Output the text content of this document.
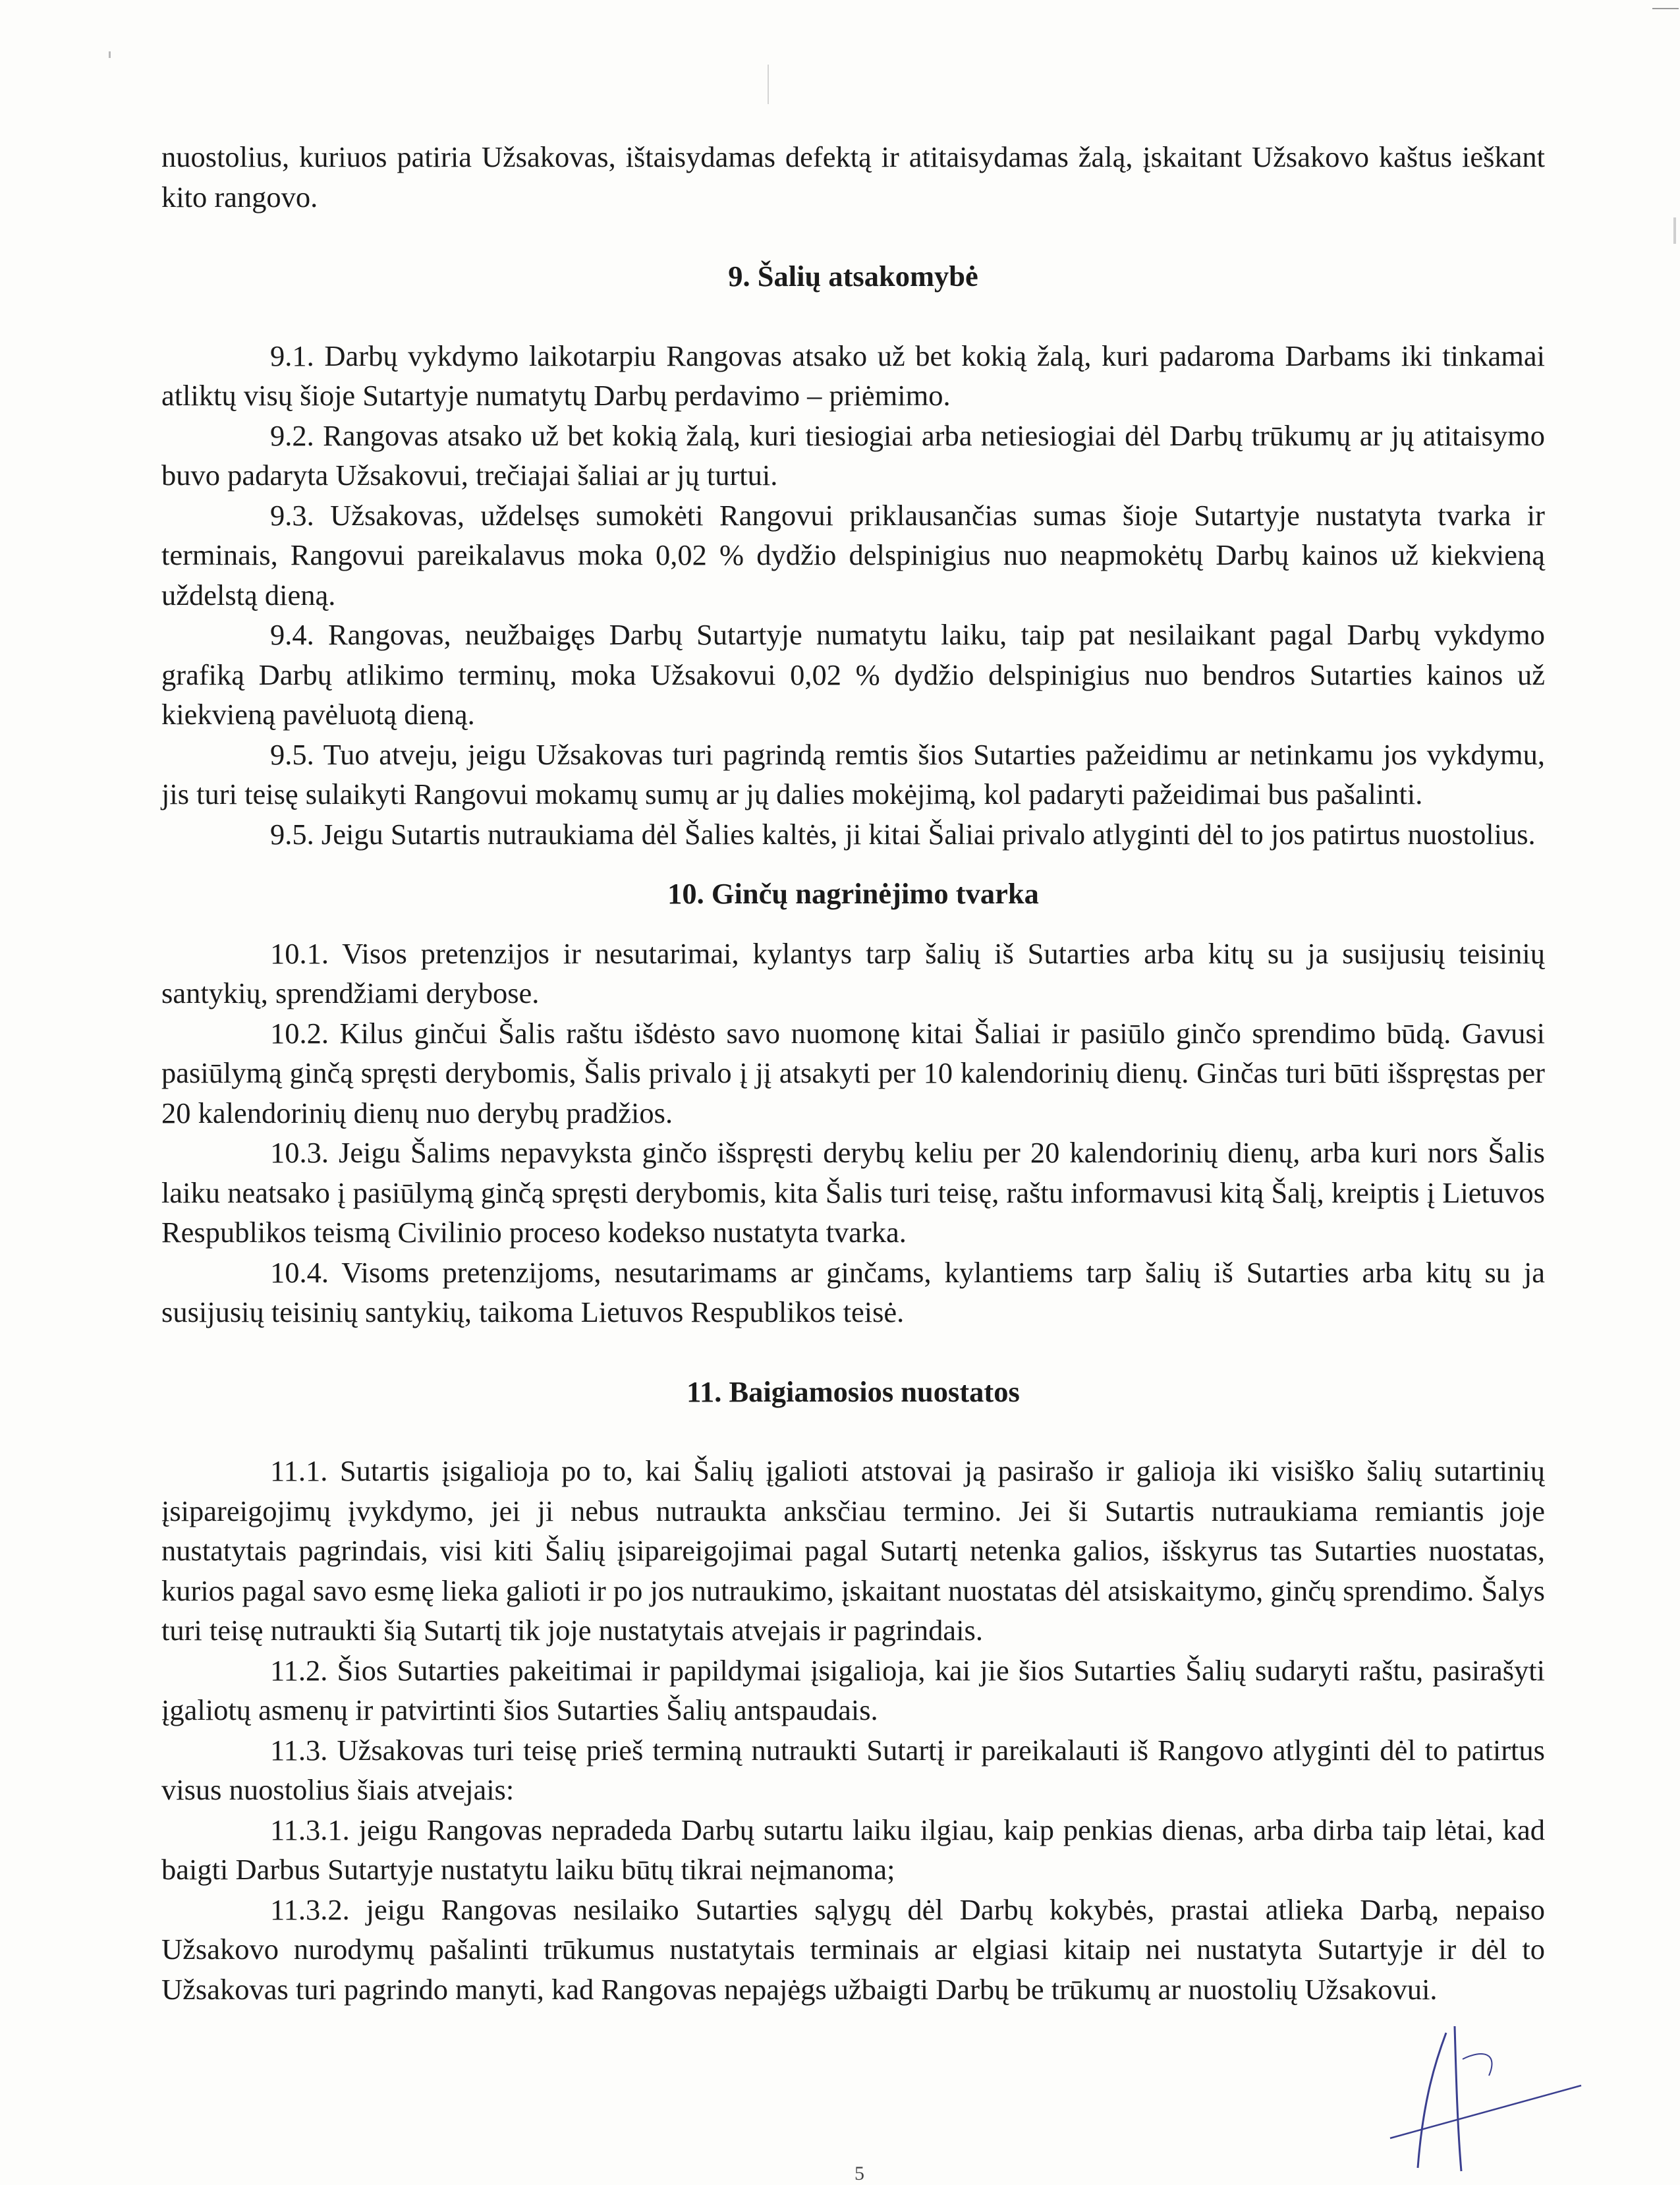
nuostolius, kuriuos patiria Užsakovas, ištaisydamas defektą ir atitaisydamas žalą, įskaitant Užsakovo kaštus ieškant kito rangovo.

9. Šalių atsakomybė

9.1. Darbų vykdymo laikotarpiu Rangovas atsako už bet kokią žalą, kuri padaroma Darbams iki tinkamai atliktų visų šioje Sutartyje numatytų Darbų perdavimo – priėmimo.

9.2. Rangovas atsako už bet kokią žalą, kuri tiesiogiai arba netiesiogiai dėl Darbų trūkumų ar jų atitaisymo buvo padaryta Užsakovui, trečiajai šaliai ar jų turtui.

9.3. Užsakovas, uždelsęs sumokėti Rangovui priklausančias sumas šioje Sutartyje nustatyta tvarka ir terminais, Rangovui pareikalavus moka 0,02 % dydžio delspinigius nuo neapmokėtų Darbų kainos už kiekvieną uždelstą dieną.

9.4. Rangovas, neužbaigęs Darbų Sutartyje numatytu laiku, taip pat nesilaikant pagal Darbų vykdymo grafiką Darbų atlikimo terminų, moka Užsakovui 0,02 % dydžio delspinigius nuo bendros Sutarties kainos už kiekvieną pavėluotą dieną.

9.5. Tuo atveju, jeigu Užsakovas turi pagrindą remtis šios Sutarties pažeidimu ar netinkamu jos vykdymu, jis turi teisę sulaikyti Rangovui mokamų sumų ar jų dalies mokėjimą, kol padaryti pažeidimai bus pašalinti.

9.5. Jeigu Sutartis nutraukiama dėl Šalies kaltės, ji kitai Šaliai privalo atlyginti dėl to jos patirtus nuostolius.

10. Ginčų nagrinėjimo tvarka

10.1. Visos pretenzijos ir nesutarimai, kylantys tarp šalių iš Sutarties arba kitų su ja susijusių teisinių santykių, sprendžiami derybose.

10.2. Kilus ginčui Šalis raštu išdėsto savo nuomonę kitai Šaliai ir pasiūlo ginčo sprendimo būdą. Gavusi pasiūlymą ginčą spręsti derybomis, Šalis privalo į jį atsakyti per 10 kalendorinių dienų. Ginčas turi būti išspręstas per 20 kalendorinių dienų nuo derybų pradžios.

10.3. Jeigu Šalims nepavyksta ginčo išspręsti derybų keliu per 20 kalendorinių dienų, arba kuri nors Šalis laiku neatsako į pasiūlymą ginčą spręsti derybomis, kita Šalis turi teisę, raštu informavusi kitą Šalį, kreiptis į Lietuvos Respublikos teismą Civilinio proceso kodekso nustatyta tvarka.

10.4. Visoms pretenzijoms, nesutarimams ar ginčams, kylantiems tarp šalių iš Sutarties arba kitų su ja susijusių teisinių santykių, taikoma Lietuvos Respublikos teisė.

11. Baigiamosios nuostatos

11.1. Sutartis įsigalioja po to, kai Šalių įgalioti atstovai ją pasirašo ir galioja iki visiško šalių sutartinių įsipareigojimų įvykdymo, jei ji nebus nutraukta anksčiau termino. Jei ši Sutartis nutraukiama remiantis joje nustatytais pagrindais, visi kiti Šalių įsipareigojimai pagal Sutartį netenka galios, išskyrus tas Sutarties nuostatas, kurios pagal savo esmę lieka galioti ir po jos nutraukimo, įskaitant nuostatas dėl atsiskaitymo, ginčų sprendimo. Šalys turi teisę nutraukti šią Sutartį tik joje nustatytais atvejais ir pagrindais.

11.2. Šios Sutarties pakeitimai ir papildymai įsigalioja, kai jie šios Sutarties Šalių sudaryti raštu, pasirašyti įgaliotų asmenų ir patvirtinti šios Sutarties Šalių antspaudais.

11.3. Užsakovas turi teisę prieš terminą nutraukti Sutartį ir pareikalauti iš Rangovo atlyginti dėl to patirtus visus nuostolius šiais atvejais:

11.3.1. jeigu Rangovas nepradeda Darbų sutartu laiku ilgiau, kaip penkias dienas, arba dirba taip lėtai, kad baigti Darbus Sutartyje nustatytu laiku būtų tikrai neįmanoma;

11.3.2. jeigu Rangovas nesilaiko Sutarties sąlygų dėl Darbų kokybės, prastai atlieka Darbą, nepaiso Užsakovo nurodymų pašalinti trūkumus nustatytais terminais ar elgiasi kitaip nei nustatyta Sutartyje ir dėl to Užsakovas turi pagrindo manyti, kad Rangovas nepajėgs užbaigti Darbų be trūkumų ar nuostolių Užsakovui.

5
